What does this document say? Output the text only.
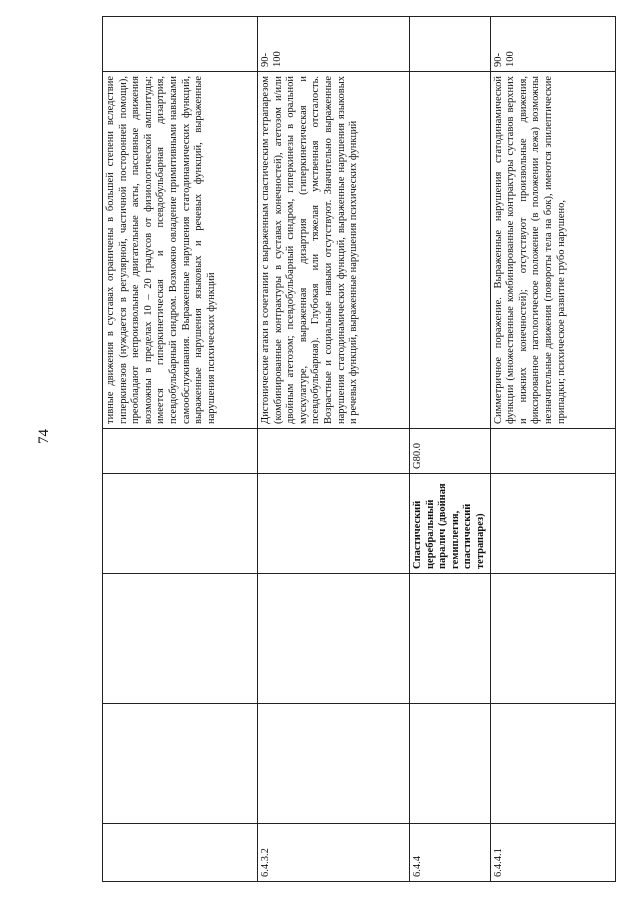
74
					тивные движения в суставах ограничены в большей степени вследствие гиперкинезов (нуждается в регулярной, частичной посторонней помощи), преобладают непроизвольные двигательные акты, пассивные движения возможны в пределах 10 – 20 градусов от физиологической амплитуды; имеется гиперкинетическая и псевдобульбарная дизартрия, псевдобульбарный синдром. Возможно овладение примитивными навыками самообслуживания. Выраженные нарушения статодинамических функций, выраженные нарушения языковых и речевых функций, выраженные нарушения психических функций	
6.4.3.2					Дистонические атаки в сочетании с выраженным спастическим тетрапарезом (комбинированные контрактуры в суставах конечностей), атетозом и/или двойным атетозом; псевдобульбарный синдром, гиперкинезы в оральной мускулатуре, выраженная дизартрия (гиперкинетическая и псевдобульбарная). Глубокая или тяжелая умственная отсталость. Возрастные и социальные навыки отсутствуют. Значительно выраженные нарушения статодинамических функций, выраженные нарушения языковых и речевых функций, выраженные нарушения психических функций	90-
100
6.4.4			Спастический церебральный паралич (двойная гемиплегия, спастический тетрапарез)	G80.0		
6.4.4.1					Симметричное поражение. Выраженные нарушения статодинамической функции (множественные комбинированные контрактуры суставов верхних и нижних конечностей); отсутствуют произвольные движения, фиксированное патологическое положение (в положении лежа) возможны незначительные движения (повороты тела на бок), имеются эпилептические припадки; психическое развитие грубо нарушено,	90-
100
